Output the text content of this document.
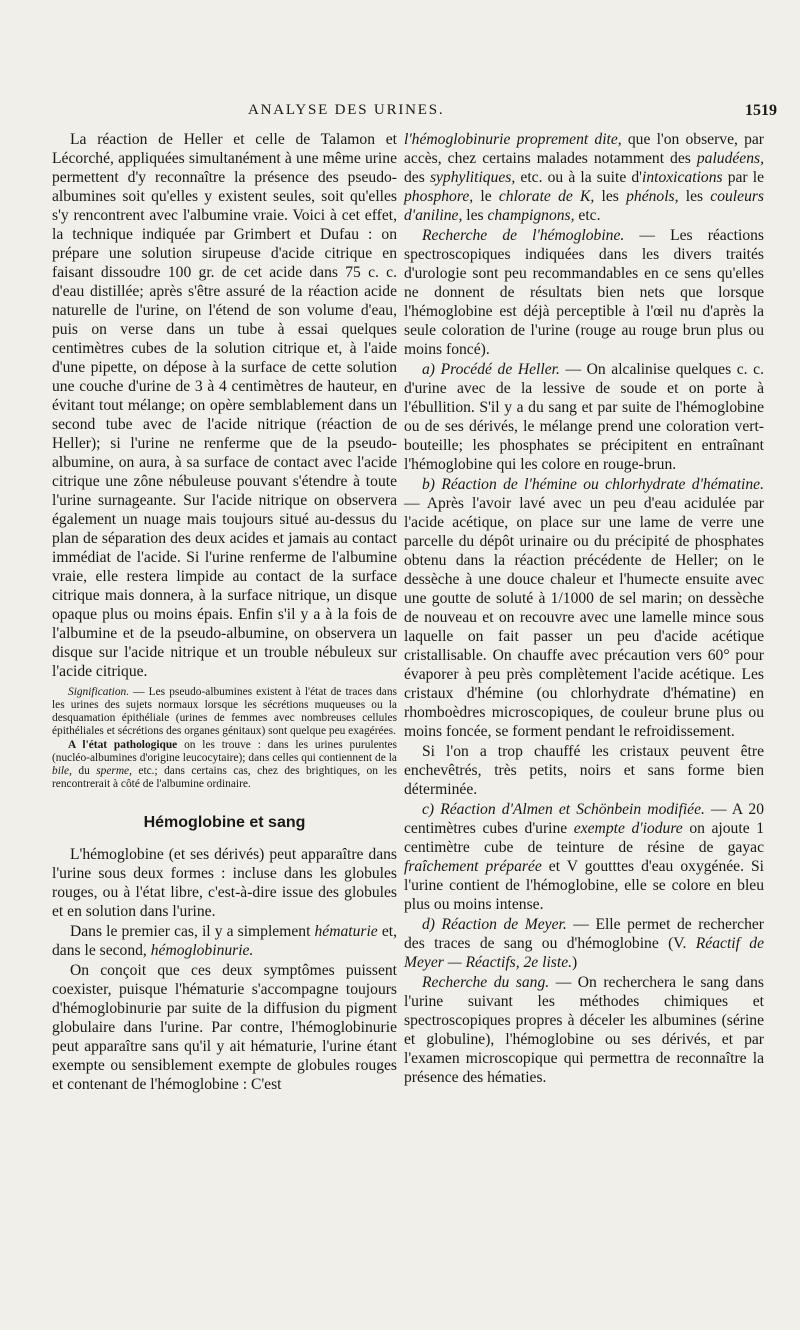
ANALYSE DES URINES.	1519

La réaction de Heller et celle de Talamon et Lécorché, appliquées simultanément à une même urine permettent d'y reconnaître la présence des pseudo-albumines soit qu'elles y existent seules, soit qu'elles s'y rencontrent avec l'albumine vraie. Voici à cet effet, la technique indiquée par Grimbert et Dufau : on prépare une solution sirupeuse d'acide citrique en faisant dissoudre 100 gr. de cet acide dans 75 c. c. d'eau distillée; après s'être assuré de la réaction acide naturelle de l'urine, on l'étend de son volume d'eau, puis on verse dans un tube à essai quelques centimètres cubes de la solution citrique et, à l'aide d'une pipette, on dépose à la surface de cette solution une couche d'urine de 3 à 4 centimètres de hauteur, en évitant tout mélange; on opère semblablement dans un second tube avec de l'acide nitrique (réaction de Heller); si l'urine ne renferme que de la pseudo-albumine, on aura, à sa surface de contact avec l'acide citrique une zône nébuleuse pouvant s'étendre à toute l'urine surnageante. Sur l'acide nitrique on observera également un nuage mais toujours situé au-dessus du plan de séparation des deux acides et jamais au contact immédiat de l'acide. Si l'urine renferme de l'albumine vraie, elle restera limpide au contact de la surface citrique mais donnera, à la surface nitrique, un disque opaque plus ou moins épais. Enfin s'il y a à la fois de l'albumine et de la pseudo-albumine, on observera un disque sur l'acide nitrique et un trouble nébuleux sur l'acide citrique.

Signification. — Les pseudo-albumines existent à l'état de traces dans les urines des sujets normaux lorsque les sécrétions muqueuses ou la desquamation épithéliale (urines de femmes avec nombreuses cellules épithéliales et sécrétions des organes génitaux) sont quelque peu exagérées.

A l'état pathologique on les trouve : dans les urines purulentes (nucléo-albumines d'origine leucocytaire); dans celles qui contiennent de la bile, du sperme, etc.; dans certains cas, chez des brightiques, on les rencontrerait à côté de l'albumine ordinaire.

Hémoglobine et sang

L'hémoglobine (et ses dérivés) peut apparaître dans l'urine sous deux formes : incluse dans les globules rouges, ou à l'état libre, c'est-à-dire issue des globules et en solution dans l'urine.

Dans le premier cas, il y a simplement hématurie et, dans le second, hémoglobinurie.

On conçoit que ces deux symptômes puissent coexister, puisque l'hématurie s'accompagne toujours d'hémoglobinurie par suite de la diffusion du pigment globulaire dans l'urine. Par contre, l'hémoglobinurie peut apparaître sans qu'il y ait hématurie, l'urine étant exempte ou sensiblement exempte de globules rouges et contenant de l'hémoglobine : C'est

l'hémoglobinurie proprement dite, que l'on observe, par accès, chez certains malades notamment des paludéens, des syphylitiques, etc. ou à la suite d'intoxications par le phosphore, le chlorate de K, les phénols, les couleurs d'aniline, les champignons, etc.

Recherche de l'hémoglobine. — Les réactions spectroscopiques indiquées dans les divers traités d'urologie sont peu recommandables en ce sens qu'elles ne donnent de résultats bien nets que lorsque l'hémoglobine est déjà perceptible à l'œil nu d'après la seule coloration de l'urine (rouge au rouge brun plus ou moins foncé).

a) Procédé de Heller. — On alcalinise quelques c. c. d'urine avec de la lessive de soude et on porte à l'ébullition. S'il y a du sang et par suite de l'hémoglobine ou de ses dérivés, le mélange prend une coloration vert-bouteille; les phosphates se précipitent en entraînant l'hémoglobine qui les colore en rouge-brun.

b) Réaction de l'hémine ou chlorhydrate d'hématine. — Après l'avoir lavé avec un peu d'eau acidulée par l'acide acétique, on place sur une lame de verre une parcelle du dépôt urinaire ou du précipité de phosphates obtenu dans la réaction précédente de Heller; on le dessèche à une douce chaleur et l'humecte ensuite avec une goutte de soluté à 1/1000 de sel marin; on dessèche de nouveau et on recouvre avec une lamelle mince sous laquelle on fait passer un peu d'acide acétique cristallisable. On chauffe avec précaution vers 60° pour évaporer à peu près complètement l'acide acétique. Les cristaux d'hémine (ou chlorhydrate d'hématine) en rhomboèdres microscopiques, de couleur brune plus ou moins foncée, se forment pendant le refroidissement.

Si l'on a trop chauffé les cristaux peuvent être enchevêtrés, très petits, noirs et sans forme bien déterminée.

c) Réaction d'Almen et Schönbein modifiée. — A 20 centimètres cubes d'urine exempte d'iodure on ajoute 1 centimètre cube de teinture de résine de gayac fraîchement préparée et V goutttes d'eau oxygénée. Si l'urine contient de l'hémoglobine, elle se colore en bleu plus ou moins intense.

d) Réaction de Meyer. — Elle permet de rechercher des traces de sang ou d'hémoglobine (V. Réactif de Meyer — Réactifs, 2e liste.)

Recherche du sang. — On recherchera le sang dans l'urine suivant les méthodes chimiques et spectroscopiques propres à déceler les albumines (sérine et globuline), l'hémoglobine ou ses dérivés, et par l'examen microscopique qui permettra de reconnaître la présence des hématies.
